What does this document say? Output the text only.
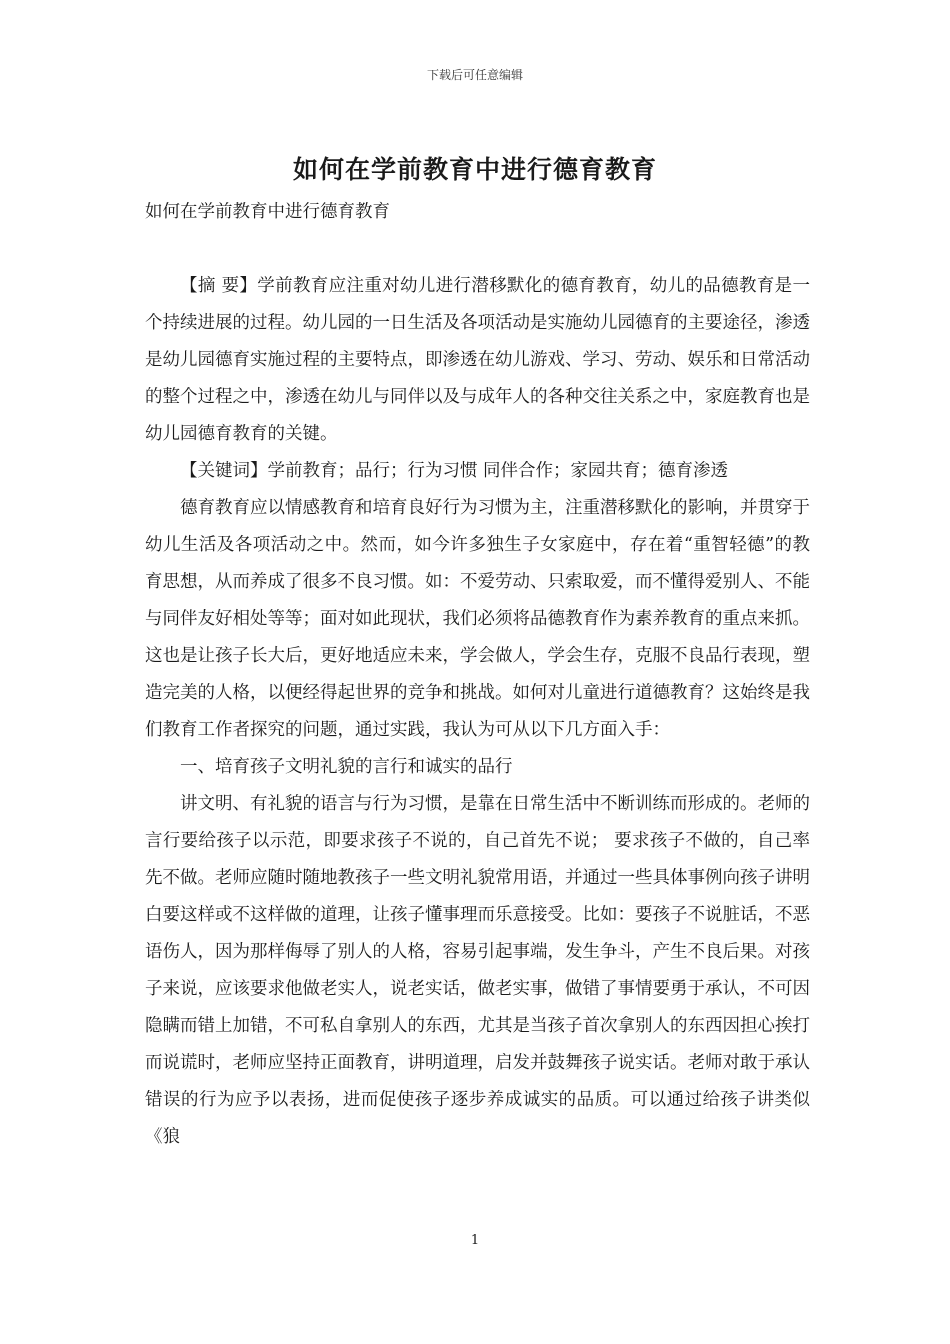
下载后可任意编辑
如何在学前教育中进行德育教育
如何在学前教育中进行德育教育

【摘 要】学前教育应注重对幼儿进行潜移默化的德育教育，幼儿的品德教育是一个持续进展的过程。幼儿园的一日生活及各项活动是实施幼儿园德育的主要途径，渗透是幼儿园德育实施过程的主要特点，即渗透在幼儿游戏、学习、劳动、娱乐和日常活动的整个过程之中，渗透在幼儿与同伴以及与成年人的各种交往关系之中，家庭教育也是幼儿园德育教育的关键。

【关键词】学前教育；品行；行为习惯 同伴合作；家园共育；德育渗透

德育教育应以情感教育和培育良好行为习惯为主，注重潜移默化的影响，并贯穿于幼儿生活及各项活动之中。然而，如今许多独生子女家庭中，存在着“重智轻德”的教育思想，从而养成了很多不良习惯。如：不爱劳动、只索取爱，而不懂得爱别人、不能与同伴友好相处等等；面对如此现状，我们必须将品德教育作为素养教育的重点来抓。这也是让孩子长大后，更好地适应未来，学会做人，学会生存，克服不良品行表现，塑造完美的人格，以便经得起世界的竞争和挑战。如何对儿童进行道德教育？这始终是我们教育工作者探究的问题，通过实践，我认为可从以下几方面入手：

一、培育孩子文明礼貌的言行和诚实的品行

讲文明、有礼貌的语言与行为习惯，是靠在日常生活中不断训练而形成的。老师的言行要给孩子以示范，即要求孩子不说的，自己首先不说； 要求孩子不做的，自己率先不做。老师应随时随地教孩子一些文明礼貌常用语，并通过一些具体事例向孩子讲明白要这样或不这样做的道理，让孩子懂事理而乐意接受。比如：要孩子不说脏话，不恶语伤人，因为那样侮辱了别人的人格，容易引起事端，发生争斗，产生不良后果。对孩子来说，应该要求他做老实人，说老实话，做老实事，做错了事情要勇于承认，不可因隐瞒而错上加错，不可私自拿别人的东西，尤其是当孩子首次拿别人的东西因担心挨打而说谎时，老师应坚持正面教育，讲明道理，启发并鼓舞孩子说实话。老师对敢于承认错误的行为应予以表扬，进而促使孩子逐步养成诚实的品质。可以通过给孩子讲类似《狼

1
